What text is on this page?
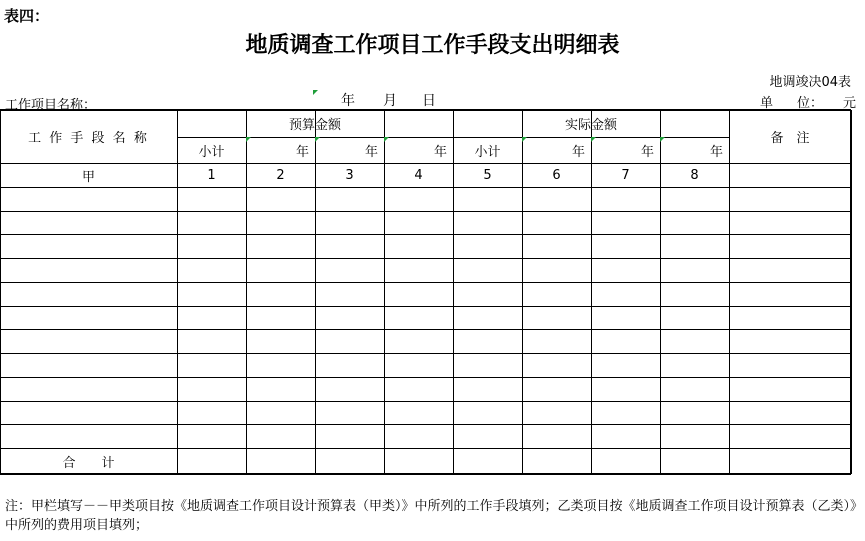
表四：
地质调查工作项目工作手段支出明细表
地调竣决04表
工作项目名称：	年 月 日	单 位： 元
工 作 手 段 名 称
预算金额	实际金额
备　注
小计	年	年	年	小计	年	年	年
甲	1	2	3	4	5	6	7	8
合　　计
注：甲栏填写－－甲类项目按《地质调查工作项目设计预算表（甲类）》中所列的工作手段填列；乙类项目按《地质调查工作项目设计预算表（乙类）》中所列的费用项目填列；
